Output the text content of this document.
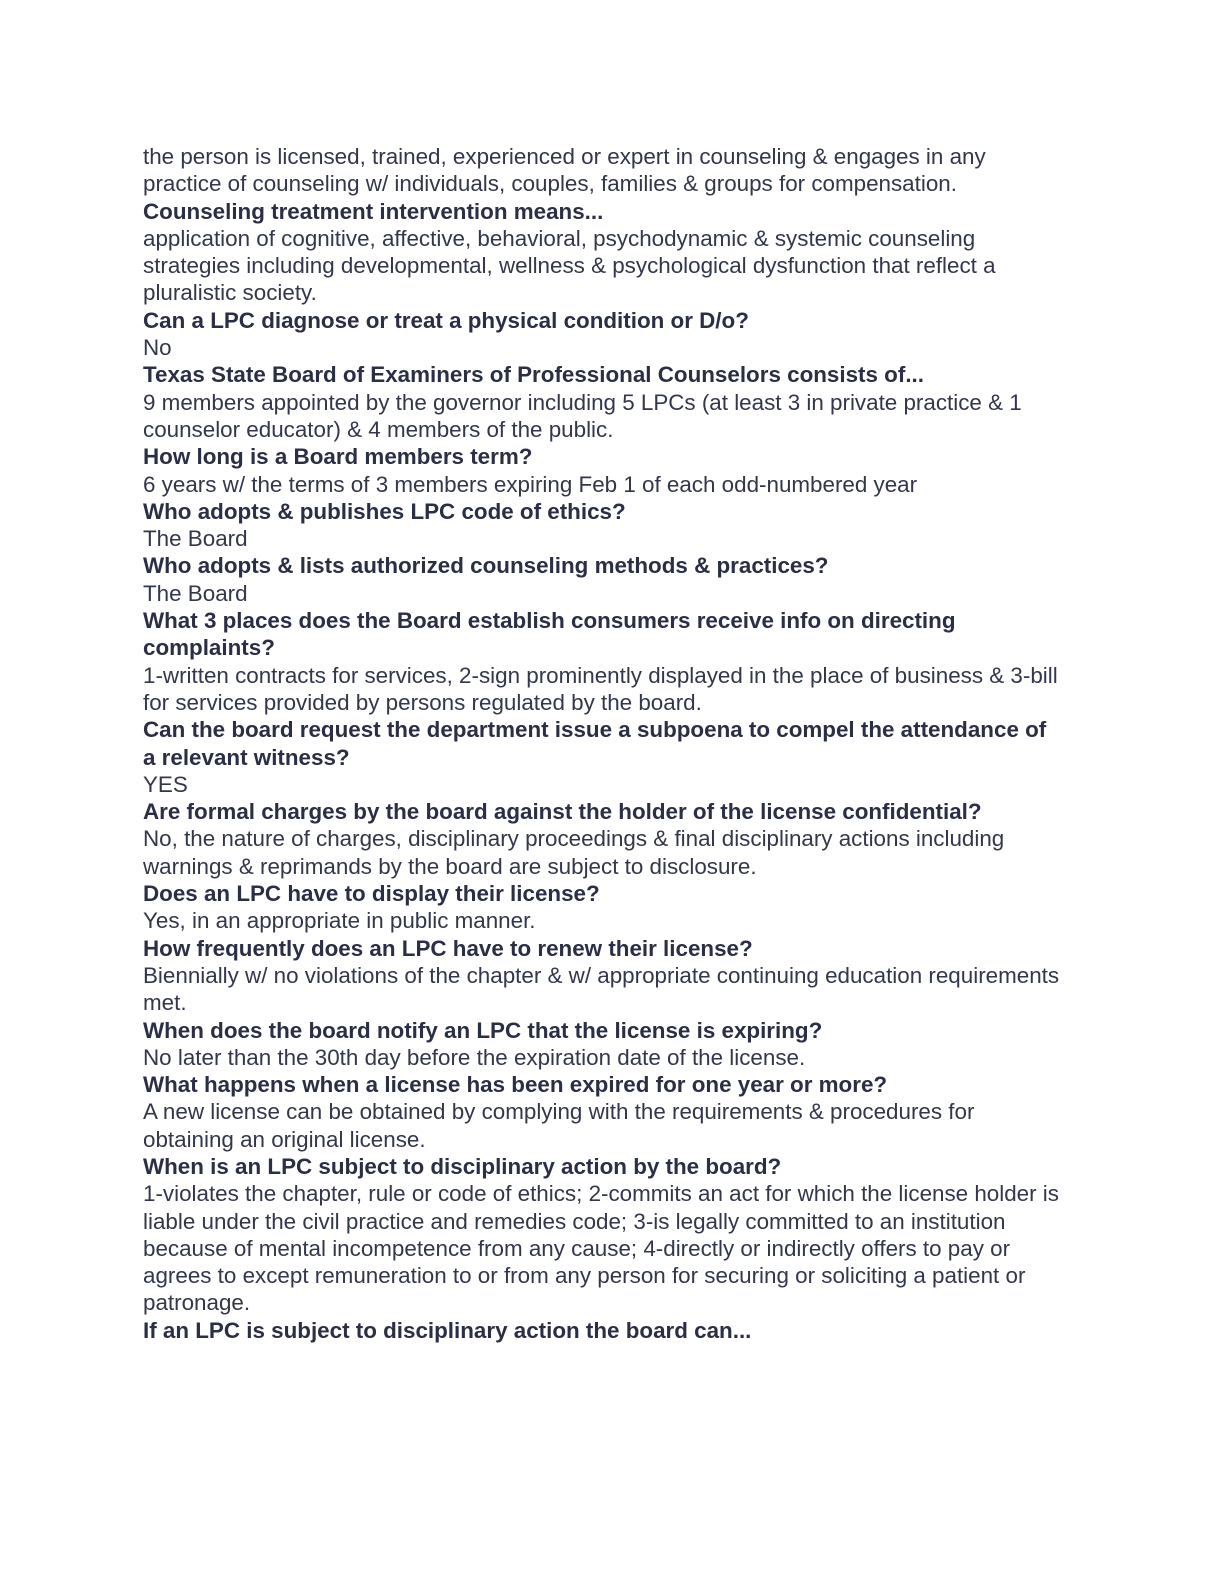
the person is licensed, trained, experienced or expert in counseling & engages in any practice of counseling w/ individuals, couples, families & groups for compensation.

Counseling treatment intervention means...

application of cognitive, affective, behavioral, psychodynamic & systemic counseling strategies including developmental, wellness & psychological dysfunction that reflect a pluralistic society.

Can a LPC diagnose or treat a physical condition or D/o?

No

Texas State Board of Examiners of Professional Counselors consists of...

9 members appointed by the governor including 5 LPCs (at least 3 in private practice & 1 counselor educator) & 4 members of the public.

How long is a Board members term?

6 years w/ the terms of 3 members expiring Feb 1 of each odd-numbered year

Who adopts & publishes LPC code of ethics?

The Board

Who adopts & lists authorized counseling methods & practices?

The Board

What 3 places does the Board establish consumers receive info on directing complaints?

1-written contracts for services, 2-sign prominently displayed in the place of business & 3-bill for services provided by persons regulated by the board.

Can the board request the department issue a subpoena to compel the attendance of a relevant witness?

YES

Are formal charges by the board against the holder of the license confidential?

No, the nature of charges, disciplinary proceedings & final disciplinary actions including warnings & reprimands by the board are subject to disclosure.

Does an LPC have to display their license?

Yes, in an appropriate in public manner.

How frequently does an LPC have to renew their license?

Biennially w/ no violations of the chapter & w/ appropriate continuing education requirements met.

When does the board notify an LPC that the license is expiring?

No later than the 30th day before the expiration date of the license.

What happens when a license has been expired for one year or more?

A new license can be obtained by complying with the requirements & procedures for obtaining an original license.

When is an LPC subject to disciplinary action by the board?

1-violates the chapter, rule or code of ethics; 2-commits an act for which the license holder is liable under the civil practice and remedies code; 3-is legally committed to an institution because of mental incompetence from any cause; 4-directly or indirectly offers to pay or agrees to except remuneration to or from any person for securing or soliciting a patient or patronage.

If an LPC is subject to disciplinary action the board can...
